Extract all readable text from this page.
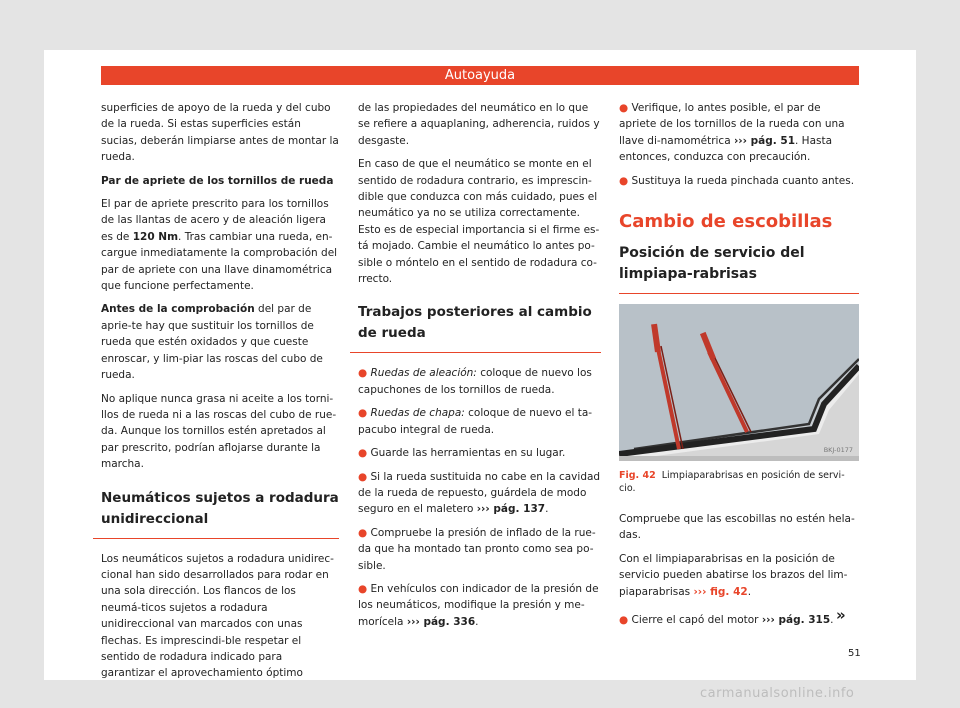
Autoayuda

superficies de apoyo de la rueda y del cubo de la rueda. Si estas superficies están sucias, deberán limpiarse antes de montar la rueda.

Par de apriete de los tornillos de rueda

El par de apriete prescrito para los tornillos de las llantas de acero y de aleación ligera es de 120 Nm. Tras cambiar una rueda, en-cargue inmediatamente la comprobación del par de apriete con una llave dinamométrica que funcione perfectamente.

Antes de la comprobación del par de aprie-te hay que sustituir los tornillos de rueda que estén oxidados y que cueste enroscar, y lim-piar las roscas del cubo de rueda.

No aplique nunca grasa ni aceite a los torni-llos de rueda ni a las roscas del cubo de rue-da. Aunque los tornillos estén apretados al par prescrito, podrían aflojarse durante la marcha.

Neumáticos sujetos a rodadura unidireccional

Los neumáticos sujetos a rodadura unidirec-cional han sido desarrollados para rodar en una sola dirección. Los flancos de los neumá-ticos sujetos a rodadura unidireccional van marcados con unas flechas. Es imprescindi-ble respetar el sentido de rodadura indicado para garantizar el aprovechamiento óptimo

de las propiedades del neumático en lo que se refiere a aquaplaning, adherencia, ruidos y desgaste.

En caso de que el neumático se monte en el sentido de rodadura contrario, es imprescin-dible que conduzca con más cuidado, pues el neumático ya no se utiliza correctamente. Esto es de especial importancia si el firme es-tá mojado. Cambie el neumático lo antes po-sible o móntelo en el sentido de rodadura co-rrecto.

Trabajos posteriores al cambio de rueda

● Ruedas de aleación: coloque de nuevo los capuchones de los tornillos de rueda.

● Ruedas de chapa: coloque de nuevo el ta-pacubo integral de rueda.

● Guarde las herramientas en su lugar.

● Si la rueda sustituida no cabe en la cavidad de la rueda de repuesto, guárdela de modo seguro en el maletero ››› pág. 137.

● Compruebe la presión de inflado de la rue-da que ha montado tan pronto como sea po-sible.

● En vehículos con indicador de la presión de los neumáticos, modifique la presión y me-morícela ››› pág. 336.

● Verifique, lo antes posible, el par de apriete de los tornillos de la rueda con una llave di-namométrica ››› pág. 51. Hasta entonces, conduzca con precaución.

● Sustituya la rueda pinchada cuanto antes.

Cambio de escobillas
Posición de servicio del limpiapa-rabrisas
BKJ-0177
Fig. 42 Limpiaparabrisas en posición de servi-cio.

Compruebe que las escobillas no estén hela-das.

Con el limpiaparabrisas en la posición de servicio pueden abatirse los brazos del lim-piaparabrisas ››› fig. 42.

● Cierre el capó del motor ››› pág. 315. »
51
carmanualsonline.info
